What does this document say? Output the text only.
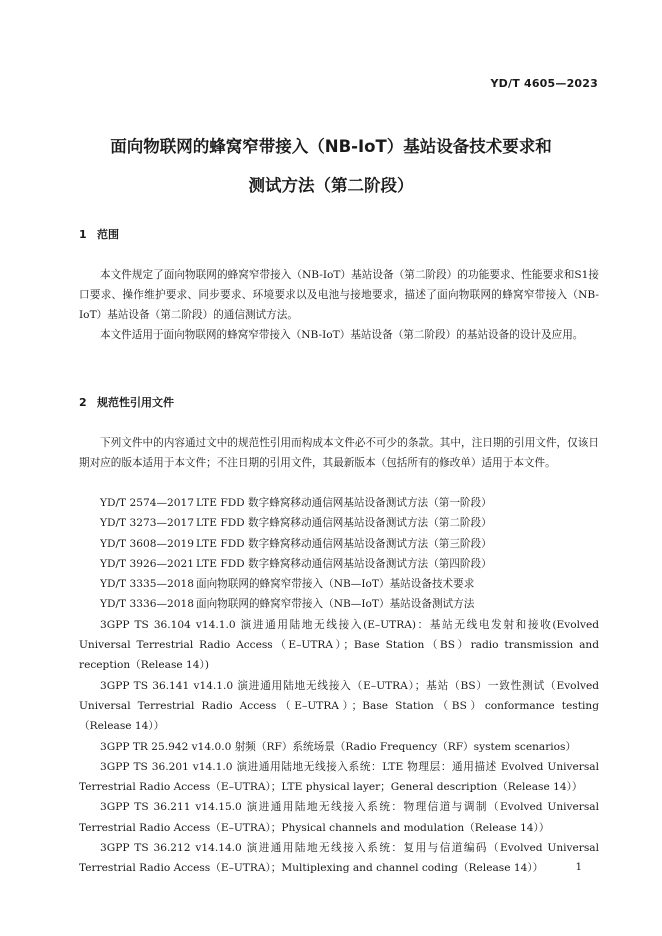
YD/T 4605—2023
面向物联网的蜂窝窄带接入（NB-IoT）基站设备技术要求和
测试方法（第二阶段）
1 范围

本文件规定了面向物联网的蜂窝窄带接入（NB-IoT）基站设备（第二阶段）的功能要求、性能要求和S1接口要求、操作维护要求、同步要求、环境要求以及电池与接地要求，描述了面向物联网的蜂窝窄带接入（NB-IoT）基站设备（第二阶段）的通信测试方法。

本文件适用于面向物联网的蜂窝窄带接入（NB-IoT）基站设备（第二阶段）的基站设备的设计及应用。

2 规范性引用文件

下列文件中的内容通过文中的规范性引用而构成本文件必不可少的条款。其中，注日期的引用文件，仅该日期对应的版本适用于本文件；不注日期的引用文件，其最新版本（包括所有的修改单）适用于本文件。

YD/T 2574—2017 LTE FDD 数字蜂窝移动通信网基站设备测试方法（第一阶段）
YD/T 3273—2017 LTE FDD 数字蜂窝移动通信网基站设备测试方法（第二阶段）
YD/T 3608—2019 LTE FDD 数字蜂窝移动通信网基站设备测试方法（第三阶段）
YD/T 3926—2021 LTE FDD 数字蜂窝移动通信网基站设备测试方法（第四阶段）
YD/T 3335—2018 面向物联网的蜂窝窄带接入（NB—IoT）基站设备技术要求
YD/T 3336—2018 面向物联网的蜂窝窄带接入（NB—IoT）基站设备测试方法
3GPP TS 36.104 v14.1.0 演进通用陆地无线接入(E–UTRA)：基站无线电发射和接收(Evolved Universal Terrestrial Radio Access（E–UTRA）；Base Station（BS）radio transmission and reception（Release 14）)
3GPP TS 36.141 v14.1.0 演进通用陆地无线接入（E–UTRA）；基站（BS）一致性测试（Evolved Universal Terrestrial Radio Access（E–UTRA）；Base Station（BS）conformance testing（Release 14））
3GPP TR 25.942 v14.0.0 射频（RF）系统场景（Radio Frequency（RF）system scenarios）
3GPP TS 36.201 v14.1.0 演进通用陆地无线接入系统：LTE 物理层：通用描述 Evolved Universal Terrestrial Radio Access（E–UTRA）；LTE physical layer；General description（Release 14））
3GPP TS 36.211 v14.15.0 演进通用陆地无线接入系统：物理信道与调制（Evolved Universal Terrestrial Radio Access（E–UTRA）；Physical channels and modulation（Release 14））
3GPP TS 36.212 v14.14.0 演进通用陆地无线接入系统：复用与信道编码（Evolved Universal Terrestrial Radio Access（E–UTRA）；Multiplexing and channel coding（Release 14））	1
